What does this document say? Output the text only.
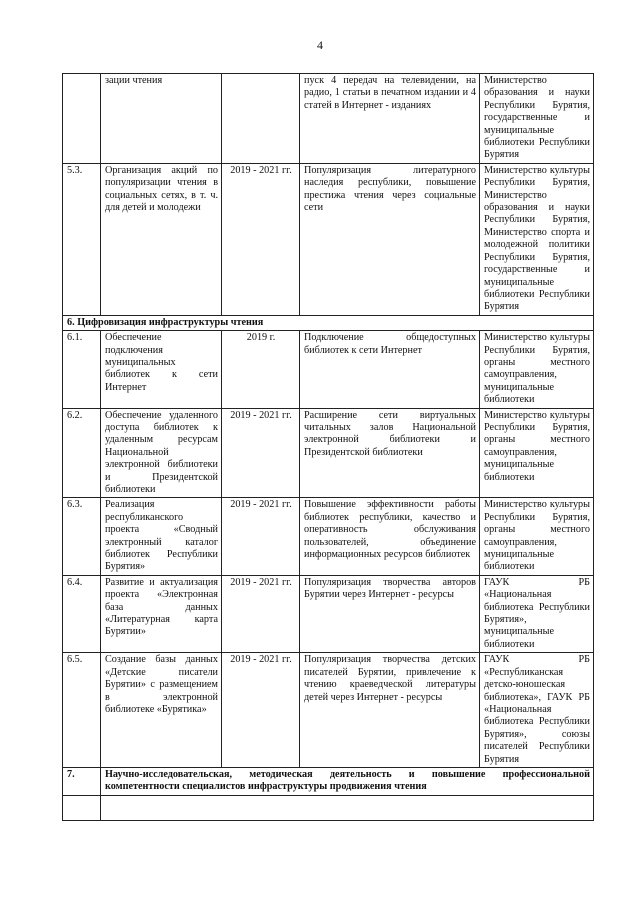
4
	зации чтения		пуск 4 передач на телевидении, на радио, 1 статьи в печатном издании и 4 статей в Интернет - изданиях	Министерство образования и науки Республики Бурятия, государственные и муниципальные библиотеки Республики Бурятия
5.3.	Организация акций по популяризации чтения в социальных сетях, в т. ч. для детей и молодежи	2019 - 2021 гг.	Популяризация литературного наследия республики, повышение престижа чтения через социальные сети	Министерство культуры Республики Бурятия, Министерство образования и науки Республики Бурятия, Министерство спорта и молодежной политики Республики Бурятия, государственные и муниципальные библиотеки Республики Бурятия
6. Цифровизация инфраструктуры чтения				
6.1.	Обеспечение подключения муниципальных библиотек к сети Интернет	2019 г.	Подключение общедоступных библиотек к сети Интернет	Министерство культуры Республики Бурятия, органы местного самоуправления, муниципальные библиотеки
6.2.	Обеспечение удаленного доступа библиотек к удаленным ресурсам Национальной электронной библиотеки и Президентской библиотеки	2019 - 2021 гг.	Расширение сети виртуальных читальных залов Национальной электронной библиотеки и Президентской библиотеки	Министерство культуры Республики Бурятия, органы местного самоуправления, муниципальные библиотеки
6.3.	Реализация республиканского проекта «Сводный электронный каталог библиотек Республики Бурятия»	2019 - 2021 гг.	Повышение эффективности работы библиотек республики, качество и оперативность обслуживания пользователей, объединение информационных ресурсов библиотек	Министерство культуры Республики Бурятия, органы местного самоуправления, муниципальные библиотеки
6.4.	Развитие и актуализация проекта «Электронная база данных «Литературная карта Бурятии»	2019 - 2021 гг.	Популяризация творчества авторов Бурятии через Интернет - ресурсы	ГАУК РБ «Национальная библиотека Республики Бурятия», муниципальные библиотеки
6.5.	Создание базы данных «Детские писатели Бурятии» с размещением в электронной библиотеке «Бурятика»	2019 - 2021 гг.	Популяризация творчества детских писателей Бурятии, привлечение к чтению краеведческой литературы детей через Интернет - ресурсы	ГАУК РБ «Республиканская детско-юношеская библиотека», ГАУК РБ «Национальная библиотека Республики Бурятия», союзы писателей Республики Бурятия
7.	Научно-исследовательская, методическая деятельность и повышение профессиональной компетентности специалистов инфраструктуры продвижения чтения			
